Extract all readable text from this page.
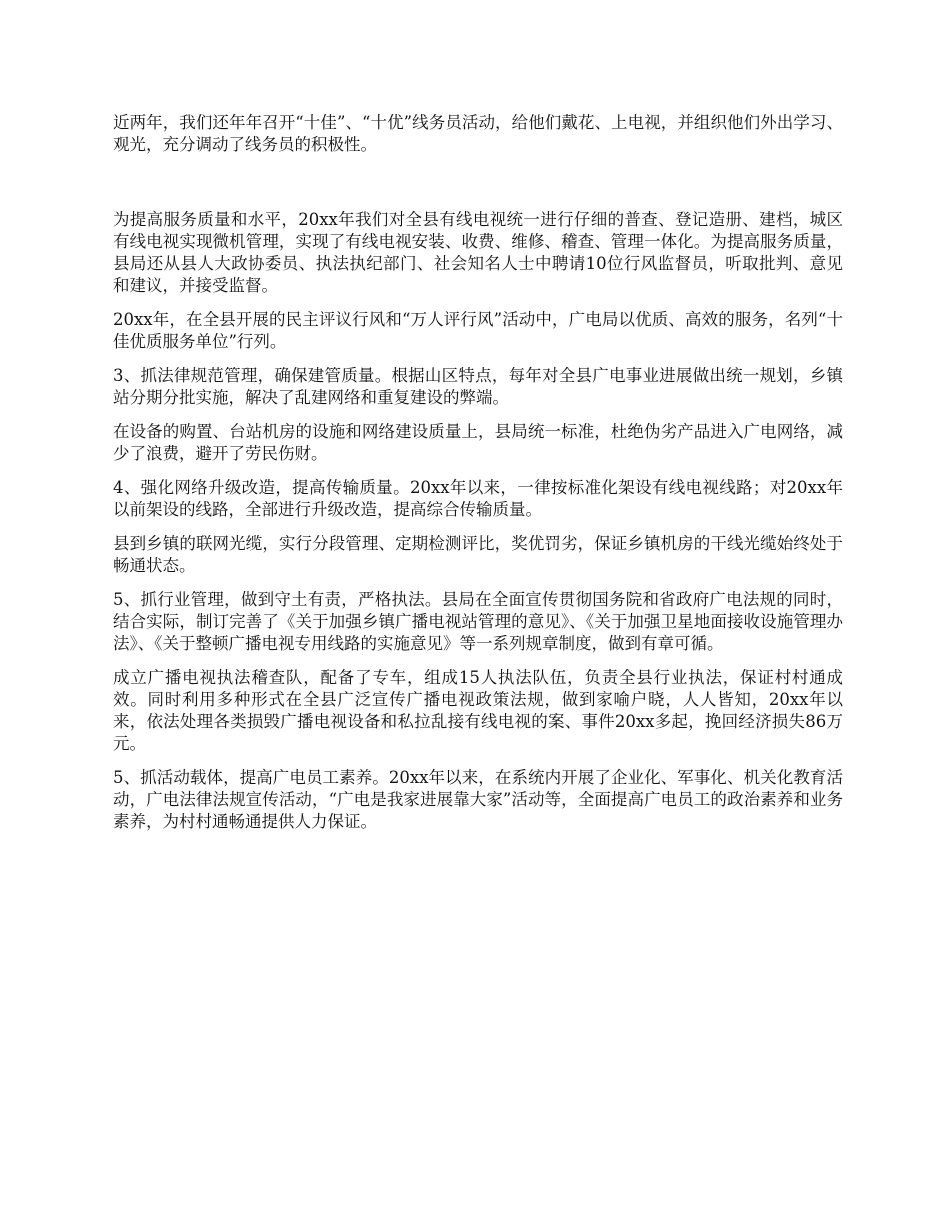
近两年，我们还年年召开“十佳”、“十优”线务员活动，给他们戴花、上电视，并组织他们外出学习、观光，充分调动了线务员的积极性。

为提高服务质量和水平，20xx年我们对全县有线电视统一进行仔细的普查、登记造册、建档，城区有线电视实现微机管理，实现了有线电视安装、收费、维修、稽查、管理一体化。为提高服务质量，县局还从县人大政协委员、执法执纪部门、社会知名人士中聘请10位行风监督员，听取批判、意见和建议，并接受监督。

20xx年，在全县开展的民主评议行风和“万人评行风”活动中，广电局以优质、高效的服务，名列“十佳优质服务单位”行列。

3、抓法律规范管理，确保建管质量。根据山区特点，每年对全县广电事业进展做出统一规划，乡镇站分期分批实施，解决了乱建网络和重复建设的弊端。

在设备的购置、台站机房的设施和网络建设质量上，县局统一标准，杜绝伪劣产品进入广电网络，减少了浪费，避开了劳民伤财。

4、强化网络升级改造，提高传输质量。20xx年以来，一律按标准化架设有线电视线路；对20xx年以前架设的线路，全部进行升级改造，提高综合传输质量。

县到乡镇的联网光缆，实行分段管理、定期检测评比，奖优罚劣，保证乡镇机房的干线光缆始终处于畅通状态。

5、抓行业管理，做到守土有责，严格执法。县局在全面宣传贯彻国务院和省政府广电法规的同时，结合实际，制订完善了《关于加强乡镇广播电视站管理的意见》、《关于加强卫星地面接收设施管理办法》、《关于整顿广播电视专用线路的实施意见》等一系列规章制度，做到有章可循。

成立广播电视执法稽查队，配备了专车，组成15人执法队伍，负责全县行业执法，保证村村通成效。同时利用多种形式在全县广泛宣传广播电视政策法规，做到家喻户晓，人人皆知，20xx年以来，依法处理各类损毁广播电视设备和私拉乱接有线电视的案、事件20xx多起，挽回经济损失86万元。

5、抓活动载体，提高广电员工素养。20xx年以来，在系统内开展了企业化、军事化、机关化教育活动，广电法律法规宣传活动，“广电是我家进展靠大家”活动等，全面提高广电员工的政治素养和业务素养，为村村通畅通提供人力保证。
